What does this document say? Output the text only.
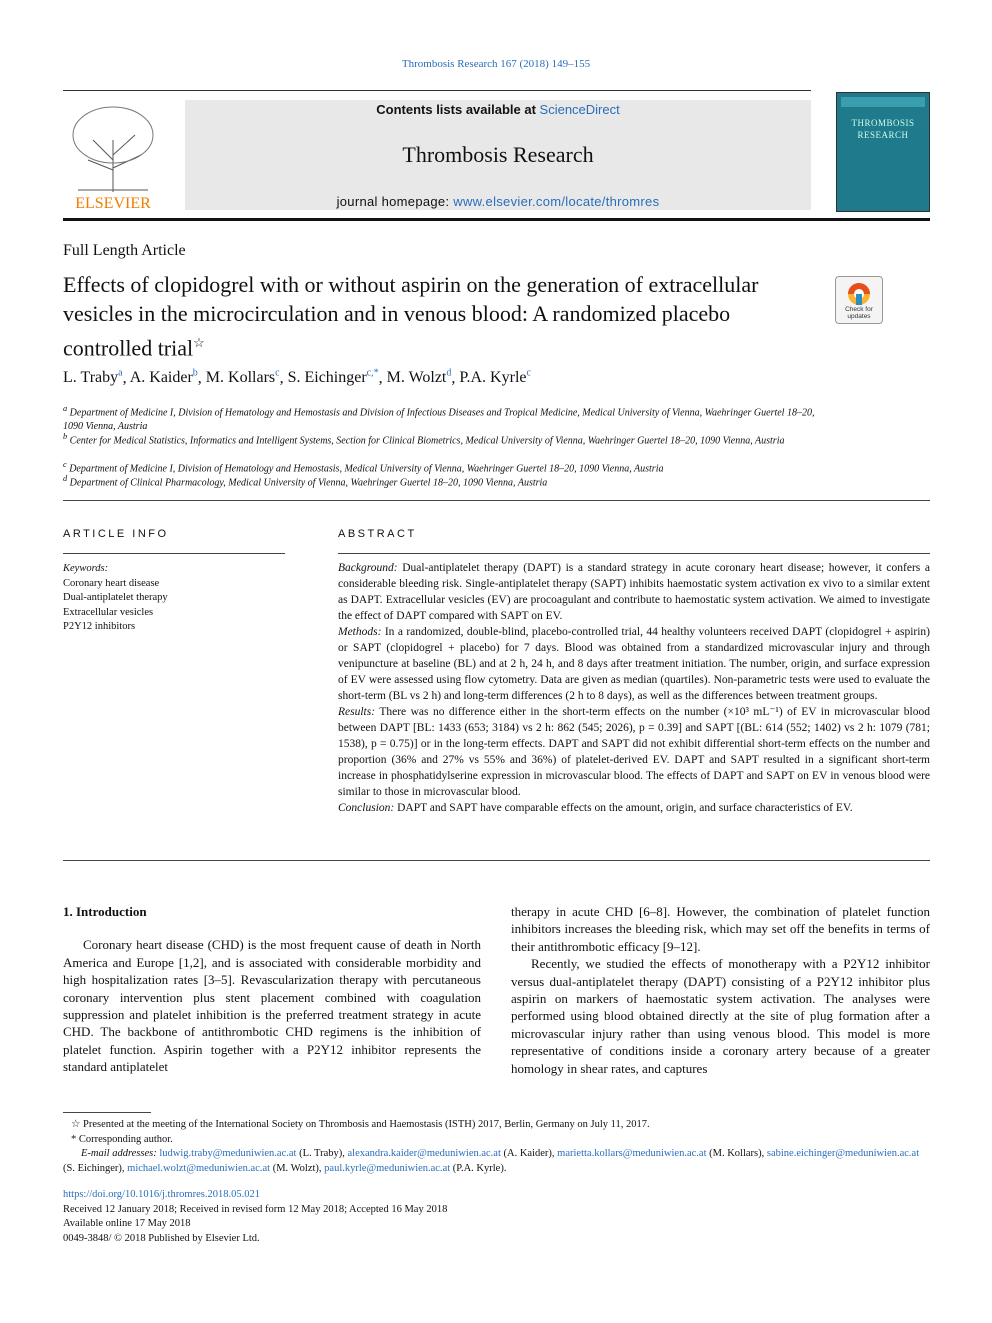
Thrombosis Research 167 (2018) 149–155
ELSEVIER
Contents lists available at ScienceDirect
Thrombosis Research
journal homepage: www.elsevier.com/locate/thromres
THROMBOSIS RESEARCH
Full Length Article
Effects of clopidogrel with or without aspirin on the generation of extracellular vesicles in the microcirculation and in venous blood: A randomized placebo controlled trial☆
Check for updates
L. Traby$^a$, A. Kaider$^b$, M. Kollars$^c$, S. Eichinger$^{c,*}$, M. Wolzt$^d$, P.A. Kyrle$^c$
$^a$ Department of Medicine I, Division of Hematology and Hemostasis and Division of Infectious Diseases and Tropical Medicine, Medical University of Vienna, Waehringer Guertel 18–20, 1090 Vienna, Austria
$^b$ Center for Medical Statistics, Informatics and Intelligent Systems, Section for Clinical Biometrics, Medical University of Vienna, Waehringer Guertel 18–20, 1090 Vienna, Austria
$^c$ Department of Medicine I, Division of Hematology and Hemostasis, Medical University of Vienna, Waehringer Guertel 18–20, 1090 Vienna, Austria
$^d$ Department of Clinical Pharmacology, Medical University of Vienna, Waehringer Guertel 18–20, 1090 Vienna, Austria
ARTICLE INFO
Keywords:
Coronary heart disease
Dual-antiplatelet therapy
Extracellular vesicles
P2Y12 inhibitors
ABSTRACT

Background: Dual-antiplatelet therapy (DAPT) is a standard strategy in acute coronary heart disease; however, it confers a considerable bleeding risk. Single-antiplatelet therapy (SAPT) inhibits haemostatic system activation ex vivo to a similar extent as DAPT. Extracellular vesicles (EV) are procoagulant and contribute to haemostatic system activation. We aimed to investigate the effect of DAPT compared with SAPT on EV.

Methods: In a randomized, double-blind, placebo-controlled trial, 44 healthy volunteers received DAPT (clopidogrel + aspirin) or SAPT (clopidogrel + placebo) for 7 days. Blood was obtained from a standardized microvascular injury and through venipuncture at baseline (BL) and at 2 h, 24 h, and 8 days after treatment initiation. The number, origin, and surface expression of EV were assessed using flow cytometry. Data are given as median (quartiles). Non-parametric tests were used to evaluate the short-term (BL vs 2 h) and long-term differences (2 h to 8 days), as well as the differences between treatment groups.

Results: There was no difference either in the short-term effects on the number (×10³ mL⁻¹) of EV in microvascular blood between DAPT [BL: 1433 (653; 3184) vs 2 h: 862 (545; 2026), p = 0.39] and SAPT [(BL: 614 (552; 1402) vs 2 h: 1079 (781; 1538), p = 0.75)] or in the long-term effects. DAPT and SAPT did not exhibit differential short-term effects on the number and proportion (36% and 27% vs 55% and 36%) of platelet-derived EV. DAPT and SAPT resulted in a significant short-term increase in phosphatidylserine expression in microvascular blood. The effects of DAPT and SAPT on EV in venous blood were similar to those in microvascular blood.

Conclusion: DAPT and SAPT have comparable effects on the amount, origin, and surface characteristics of EV.

1. Introduction

Coronary heart disease (CHD) is the most frequent cause of death in North America and Europe [1,2], and is associated with considerable morbidity and high hospitalization rates [3–5]. Revascularization therapy with percutaneous coronary intervention plus stent placement combined with coagulation suppression and platelet inhibition is the preferred treatment strategy in acute CHD. The backbone of antithrombotic CHD regimens is the inhibition of platelet function. Aspirin together with a P2Y12 inhibitor represents the standard antiplatelet

therapy in acute CHD [6–8]. However, the combination of platelet function inhibitors increases the bleeding risk, which may set off the benefits in terms of their antithrombotic efficacy [9–12].

Recently, we studied the effects of monotherapy with a P2Y12 inhibitor versus dual-antiplatelet therapy (DAPT) consisting of a P2Y12 inhibitor plus aspirin on markers of haemostatic system activation. The analyses were performed using blood obtained directly at the site of plug formation after a microvascular injury rather than using venous blood. This model is more representative of conditions inside a coronary artery because of a greater homology in shear rates, and captures

☆ Presented at the meeting of the International Society on Thrombosis and Haemostasis (ISTH) 2017, Berlin, Germany on July 11, 2017.
* Corresponding author.
E-mail addresses: ludwig.traby@meduniwien.ac.at (L. Traby), alexandra.kaider@meduniwien.ac.at (A. Kaider), marietta.kollars@meduniwien.ac.at (M. Kollars), sabine.eichinger@meduniwien.ac.at (S. Eichinger), michael.wolzt@meduniwien.ac.at (M. Wolzt), paul.kyrle@meduniwien.ac.at (P.A. Kyrle).
https://doi.org/10.1016/j.thromres.2018.05.021
Received 12 January 2018; Received in revised form 12 May 2018; Accepted 16 May 2018
Available online 17 May 2018
0049-3848/ © 2018 Published by Elsevier Ltd.
